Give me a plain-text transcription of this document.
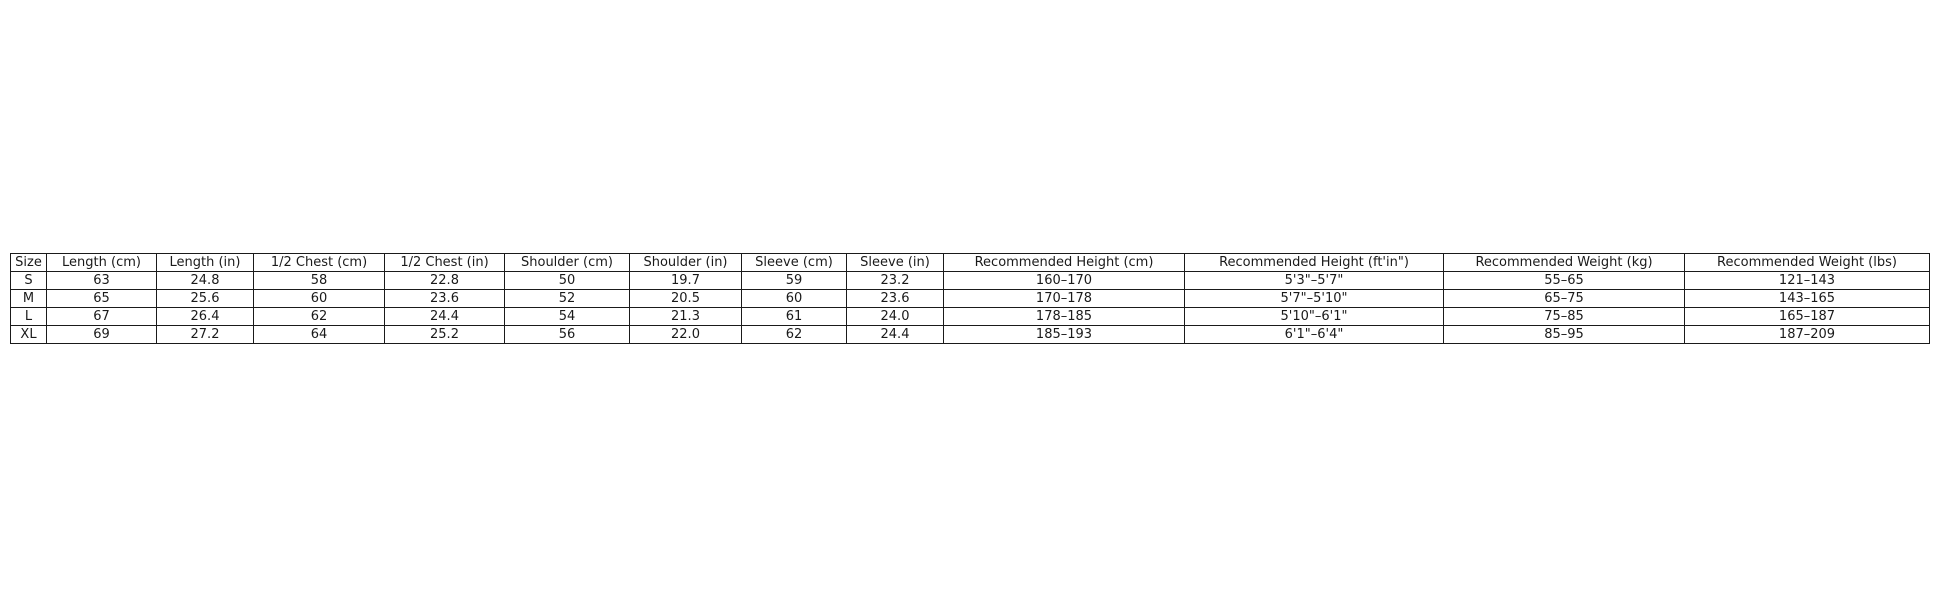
Size	Length (cm)	Length (in)	1/2 Chest (cm)	1/2 Chest (in)	Shoulder (cm)	Shoulder (in)	Sleeve (cm)	Sleeve (in)	Recommended Height (cm)	Recommended Height (ft'in")	Recommended Weight (kg)	Recommended Weight (lbs)
S	63	24.8	58	22.8	50	19.7	59	23.2	160–170	5'3"–5'7"	55–65	121–143
M	65	25.6	60	23.6	52	20.5	60	23.6	170–178	5'7"–5'10"	65–75	143–165
L	67	26.4	62	24.4	54	21.3	61	24.0	178–185	5'10"–6'1"	75–85	165–187
XL	69	27.2	64	25.2	56	22.0	62	24.4	185–193	6'1"–6'4"	85–95	187–209
